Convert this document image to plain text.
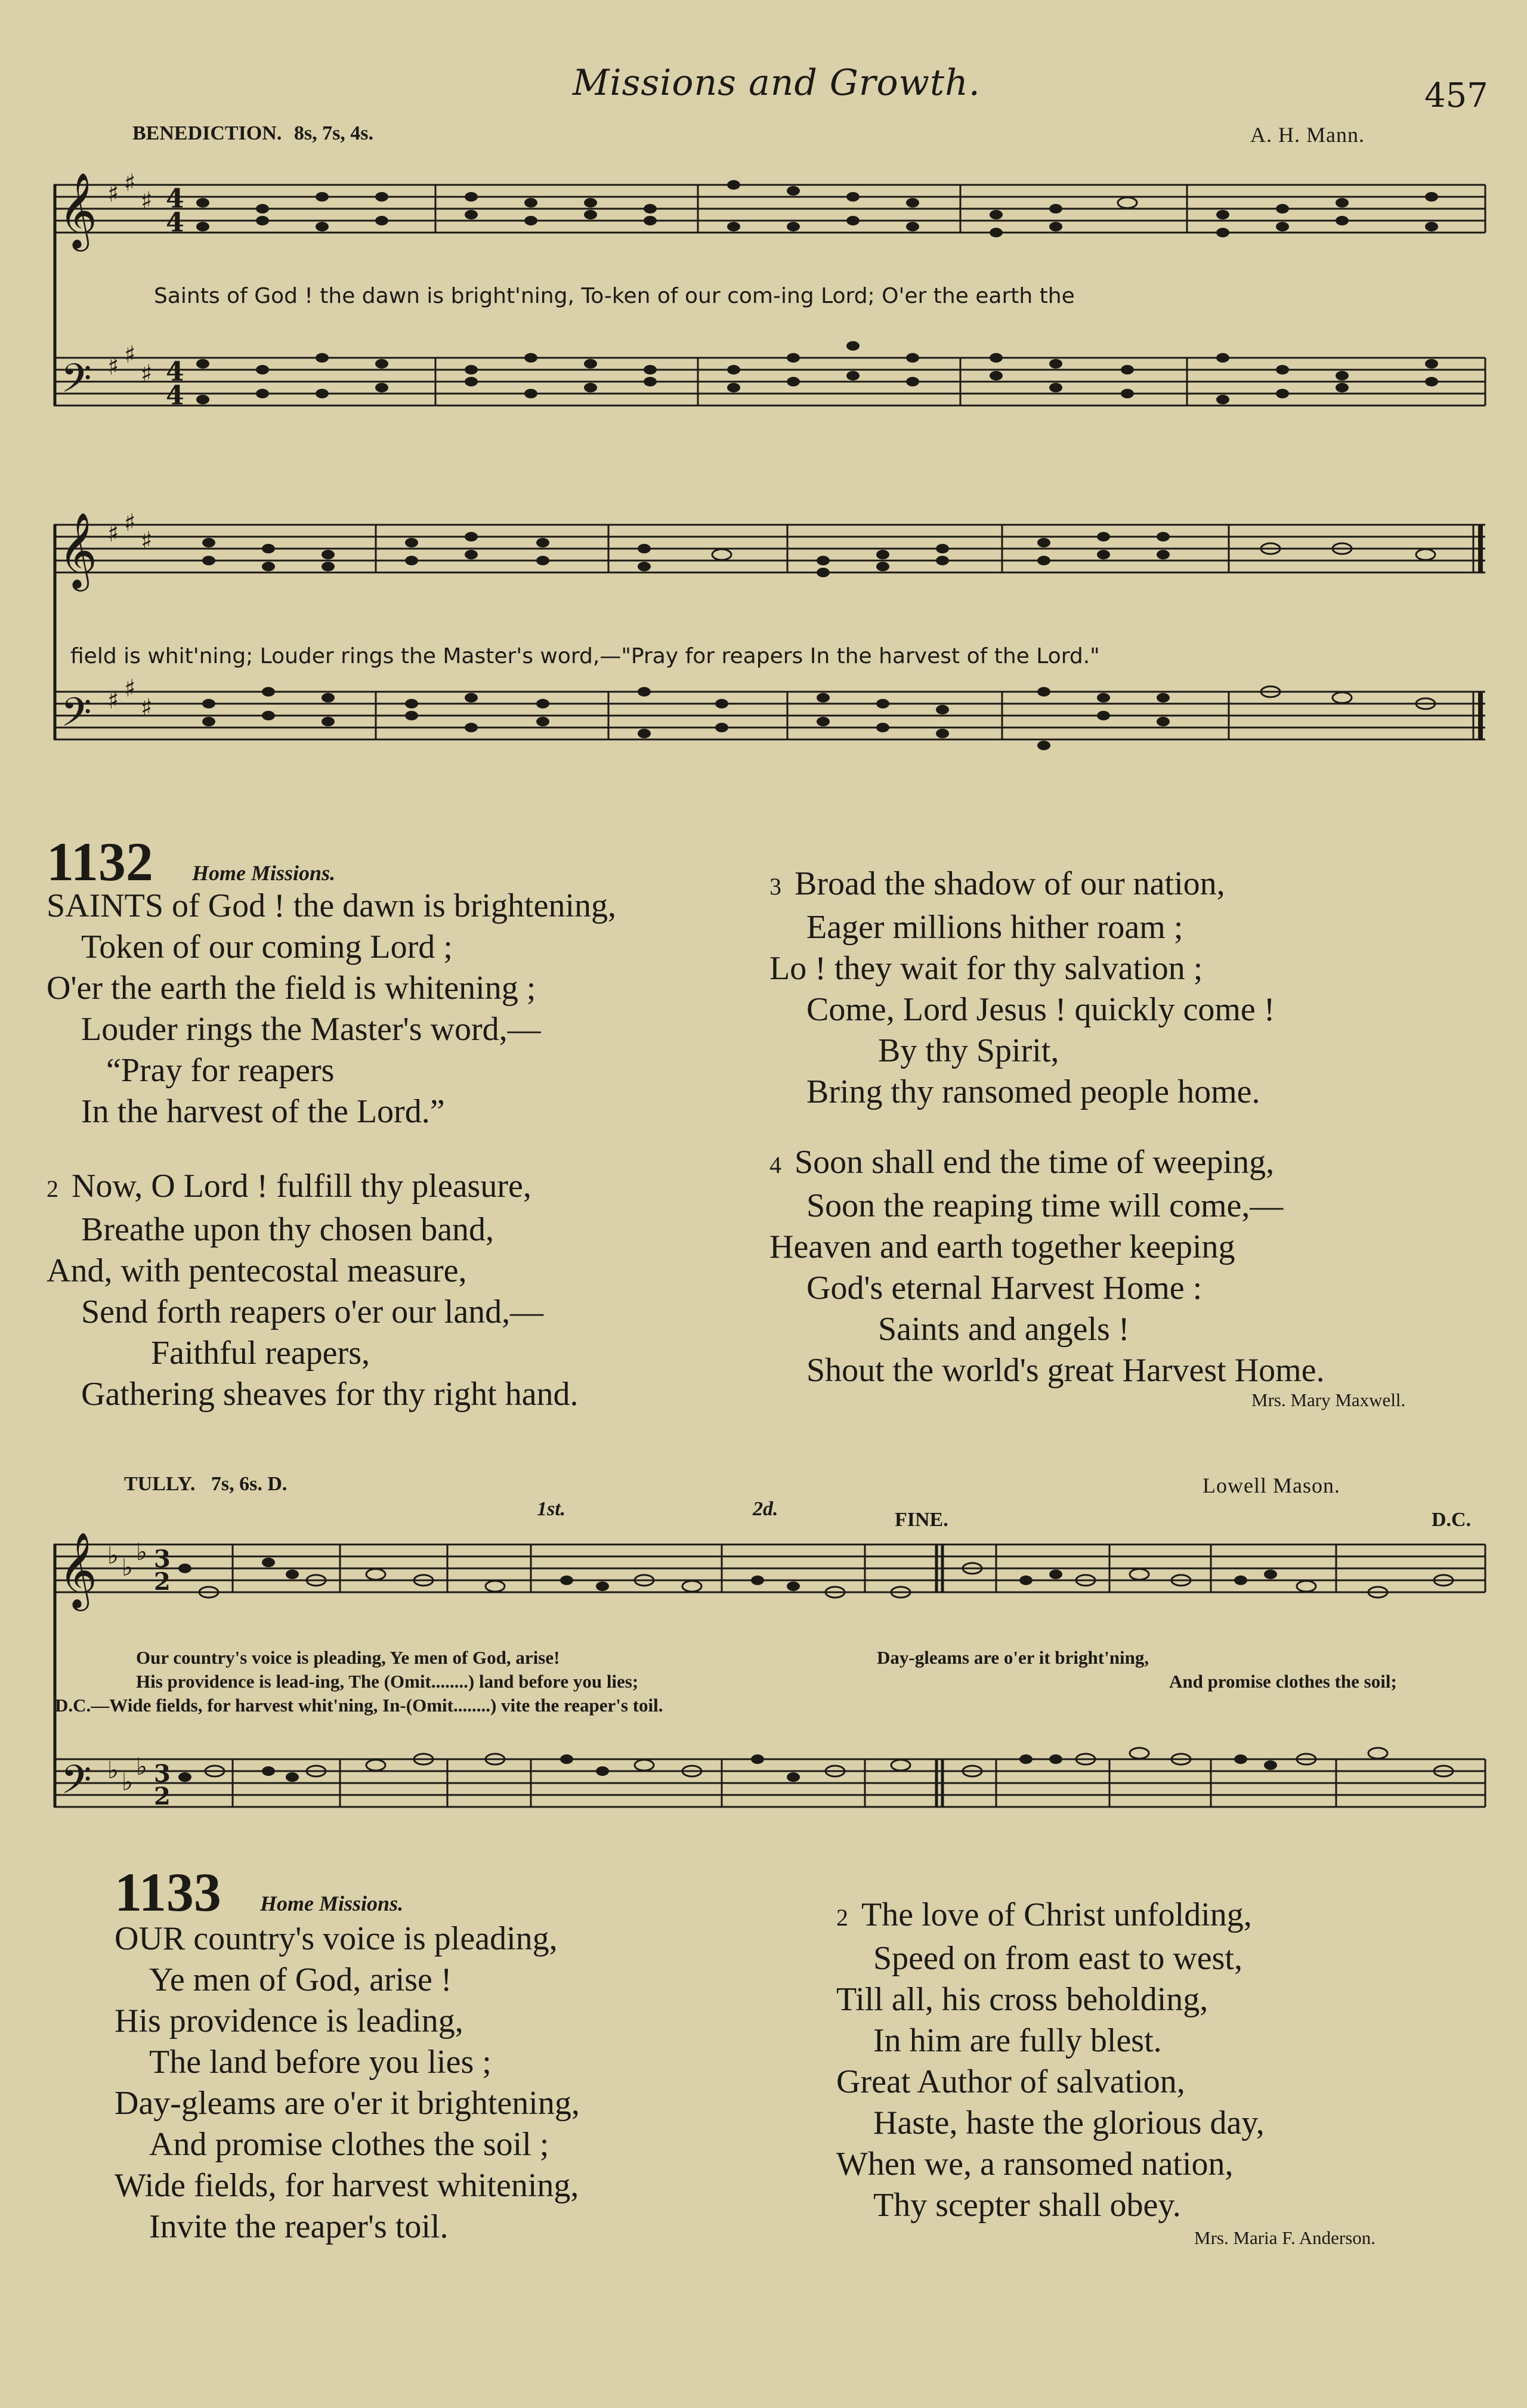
Missions and Growth.	457
BENEDICTION. 8s, 7s, 4s.	A. H. Mann.
𝄞
𝄢
♯ ♯
♯
♯ ♯
♯
4
4
4
4
𝄞
𝄢
♯ ♯
♯
♯ ♯
♯
Saints of God ! the dawn is bright'ning, To-ken of our com-ing Lord; O'er the earth the
field is whit'ning; Louder rings the Master's word,—"Pray for reapers In the harvest of the Lord."
1132 Home Missions.
SAINTS of God ! the dawn is brightening,
Token of our coming Lord ;
O'er the earth the field is whitening ;
Louder rings the Master's word,—
“Pray for reapers
In the harvest of the Lord.”
2 Now, O Lord ! fulfill thy pleasure,
Breathe upon thy chosen band,
And, with pentecostal measure,
Send forth reapers o'er our land,—
Faithful reapers,
Gathering sheaves for thy right hand.
3 Broad the shadow of our nation,
Eager millions hither roam ;
Lo ! they wait for thy salvation ;
Come, Lord Jesus ! quickly come !
By thy Spirit,
Bring thy ransomed people home.
4 Soon shall end the time of weeping,
Soon the reaping time will come,—
Heaven and earth together keeping
God's eternal Harvest Home :
Saints and angels !
Shout the world's great Harvest Home.
Mrs. Mary Maxwell.
TULLY. 7s, 6s. D.	Lowell Mason.
1st.	2d.	FINE.	D.C.
𝄞
𝄢
♭ ♭
♭
♭ ♭
♭
3
2
3
2
Our country's voice is pleading, Ye men of God, arise!
His providence is lead-ing, The (Omit........) land before you lies;
D.C.—Wide fields, for harvest whit'ning, In-(Omit........) vite the reaper's toil.
Day-gleams are o'er it bright'ning,
And promise clothes the soil;
1133 Home Missions.
OUR country's voice is pleading,
Ye men of God, arise !
His providence is leading,
The land before you lies ;
Day-gleams are o'er it brightening,
And promise clothes the soil ;
Wide fields, for harvest whitening,
Invite the reaper's toil.
2 The love of Christ unfolding,
Speed on from east to west,
Till all, his cross beholding,
In him are fully blest.
Great Author of salvation,
Haste, haste the glorious day,
When we, a ransomed nation,
Thy scepter shall obey.
Mrs. Maria F. Anderson.
